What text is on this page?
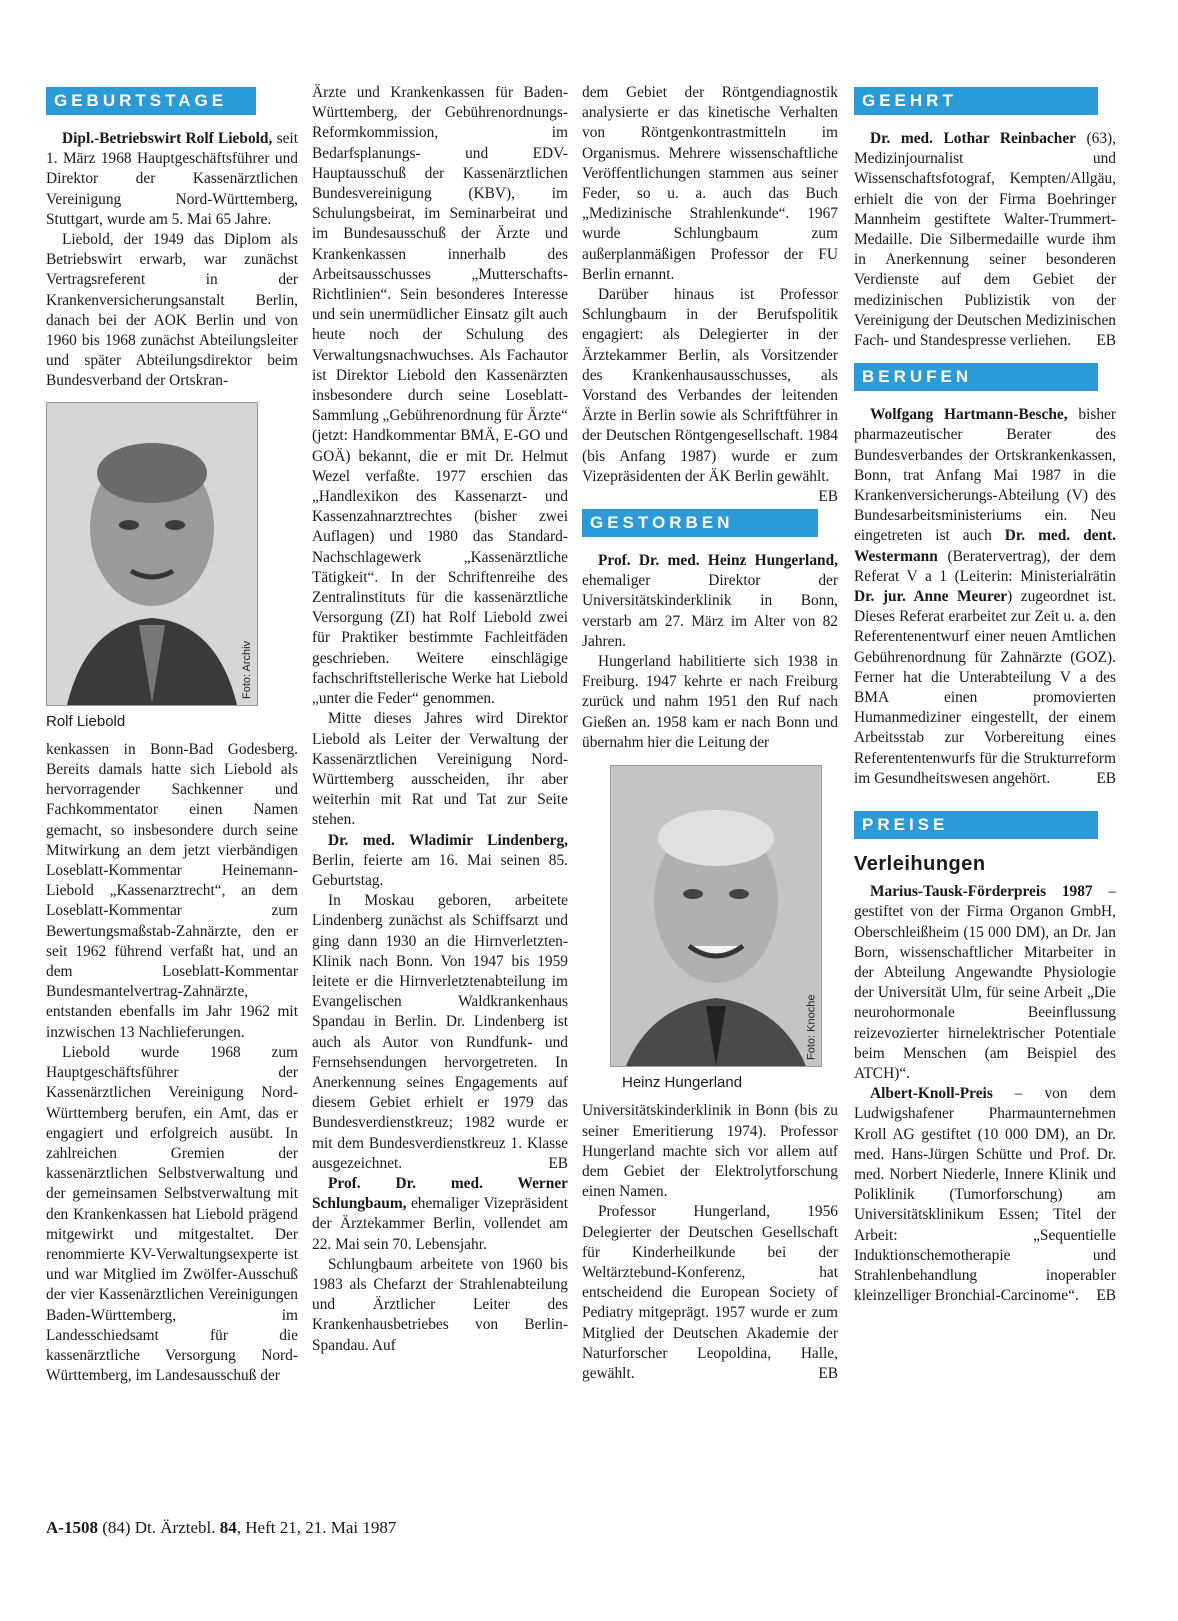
GEBURTSTAGE

Dipl.-Betriebswirt Rolf Liebold, seit 1. März 1968 Hauptgeschäftsführer und Direktor der Kassenärztlichen Vereinigung Nord-Württemberg, Stuttgart, wurde am 5. Mai 65 Jahre.

Liebold, der 1949 das Diplom als Betriebswirt erwarb, war zunächst Vertragsreferent in der Krankenversicherungsanstalt Berlin, danach bei der AOK Berlin und von 1960 bis 1968 zunächst Abteilungsleiter und später Abteilungsdirektor beim Bundesverband der Ortskran-

Foto: Archiv

Rolf Liebold

kenkassen in Bonn-Bad Godesberg. Bereits damals hatte sich Liebold als hervorragender Sachkenner und Fachkommentator einen Namen gemacht, so insbesondere durch seine Mitwirkung an dem jetzt vierbändigen Loseblatt-Kommentar Heinemann-Liebold „Kassenarztrecht“, an dem Loseblatt-Kommentar zum Bewertungsmaßstab-Zahnärzte, den er seit 1962 führend verfaßt hat, und an dem Loseblatt-Kommentar Bundesmantelvertrag-Zahnärzte, entstanden ebenfalls im Jahr 1962 mit inzwischen 13 Nachlieferungen.

Liebold wurde 1968 zum Hauptgeschäftsführer der Kassenärztlichen Vereinigung Nord-Württemberg berufen, ein Amt, das er engagiert und erfolgreich ausübt. In zahlreichen Gremien der kassenärztlichen Selbstverwaltung und der gemeinsamen Selbstverwaltung mit den Krankenkassen hat Liebold prägend mitgewirkt und mitgestaltet. Der renommierte KV-Verwaltungsexperte ist und war Mitglied im Zwölfer-Ausschuß der vier Kassenärztlichen Vereinigungen Baden-Württemberg, im Landesschiedsamt für die kassenärztliche Versorgung Nord-Württemberg, im Landesausschuß der

Ärzte und Krankenkassen für Baden-Württemberg, der Gebührenordnungs-Reformkommission, im Bedarfsplanungs- und EDV-Hauptausschuß der Kassenärztlichen Bundesvereinigung (KBV), im Schulungsbeirat, im Seminarbeirat und im Bundesausschuß der Ärzte und Krankenkassen innerhalb des Arbeitsausschusses „Mutterschafts-Richtlinien“. Sein besonderes Interesse und sein unermüdlicher Einsatz gilt auch heute noch der Schulung des Verwaltungsnachwuchses. Als Fachautor ist Direktor Liebold den Kassenärzten insbesondere durch seine Loseblatt-Sammlung „Gebührenordnung für Ärzte“ (jetzt: Handkommentar BMÄ, E-GO und GOÄ) bekannt, die er mit Dr. Helmut Wezel verfaßte. 1977 erschien das „Handlexikon des Kassenarzt- und Kassenzahnarztrechtes (bisher zwei Auflagen) und 1980 das Standard-Nachschlagewerk „Kassenärztliche Tätigkeit“. In der Schriftenreihe des Zentralinstituts für die kassenärztliche Versorgung (ZI) hat Rolf Liebold zwei für Praktiker bestimmte Fachleitfäden geschrieben. Weitere einschlägige fachschriftstellerische Werke hat Liebold „unter die Feder“ genommen.

Mitte dieses Jahres wird Direktor Liebold als Leiter der Verwaltung der Kassenärztlichen Vereinigung Nord-Württemberg ausscheiden, ihr aber weiterhin mit Rat und Tat zur Seite stehen.

Dr. med. Wladimir Lindenberg, Berlin, feierte am 16. Mai seinen 85. Geburtstag.

In Moskau geboren, arbeitete Lindenberg zunächst als Schiffsarzt und ging dann 1930 an die Hirnverletzten-Klinik nach Bonn. Von 1947 bis 1959 leitete er die Hirnverletztenabteilung im Evangelischen Waldkrankenhaus Spandau in Berlin. Dr. Lindenberg ist auch als Autor von Rundfunk- und Fernsehsendungen hervorgetreten. In Anerkennung seines Engagements auf diesem Gebiet erhielt er 1979 das Bundesverdienstkreuz; 1982 wurde er mit dem Bundesverdienstkreuz 1. Klasse ausgezeichnet.	EB

Prof. Dr. med. Werner Schlungbaum, ehemaliger Vizepräsident der Ärztekammer Berlin, vollendet am 22. Mai sein 70. Lebensjahr.

Schlungbaum arbeitete von 1960 bis 1983 als Chefarzt der Strahlenabteilung und Ärztlicher Leiter des Krankenhausbetriebes von Berlin-Spandau. Auf

dem Gebiet der Röntgendiagnostik analysierte er das kinetische Verhalten von Röntgenkontrastmitteln im Organismus. Mehrere wissenschaftliche Veröffentlichungen stammen aus seiner Feder, so u. a. auch das Buch „Medizinische Strahlenkunde“. 1967 wurde Schlungbaum zum außerplanmäßigen Professor der FU Berlin ernannt.

Darüber hinaus ist Professor Schlungbaum in der Berufspolitik engagiert: als Delegierter in der Ärztekammer Berlin, als Vorsitzender des Krankenhausausschusses, als Vorstand des Verbandes der leitenden Ärzte in Berlin sowie als Schriftführer in der Deutschen Röntgengesellschaft. 1984 (bis Anfang 1987) wurde er zum Vizepräsidenten der ÄK Berlin gewählt.
EB

GESTORBEN

Prof. Dr. med. Heinz Hungerland, ehemaliger Direktor der Universitätskinderklinik in Bonn, verstarb am 27. März im Alter von 82 Jahren.

Hungerland habilitierte sich 1938 in Freiburg. 1947 kehrte er nach Freiburg zurück und nahm 1951 den Ruf nach Gießen an. 1958 kam er nach Bonn und übernahm hier die Leitung der

Foto: Knoche

Heinz Hungerland

Universitätskinderklinik in Bonn (bis zu seiner Emeritierung 1974). Professor Hungerland machte sich vor allem auf dem Gebiet der Elektrolytforschung einen Namen.

Professor Hungerland, 1956 Delegierter der Deutschen Gesellschaft für Kinderheilkunde bei der Weltärztebund-Konferenz, hat entscheidend die European Society of Pediatry mitgeprägt. 1957 wurde er zum Mitglied der Deutschen Akademie der Naturforscher Leopoldina, Halle, gewählt.	EB

GEEHRT

Dr. med. Lothar Reinbacher (63), Medizinjournalist und Wissenschaftsfotograf, Kempten/Allgäu, erhielt die von der Firma Boehringer Mannheim gestiftete Walter-Trummert-Medaille. Die Silbermedaille wurde ihm in Anerkennung seiner besonderen Verdienste auf dem Gebiet der medizinischen Publizistik von der Vereinigung der Deutschen Medizinischen Fach- und Standespresse verliehen.	EB

BERUFEN

Wolfgang Hartmann-Besche, bisher pharmazeutischer Berater des Bundesverbandes der Ortskrankenkassen, Bonn, trat Anfang Mai 1987 in die Krankenversicherungs-Abteilung (V) des Bundesarbeitsministeriums ein. Neu eingetreten ist auch Dr. med. dent. Westermann (Beratervertrag), der dem Referat V a 1 (Leiterin: Ministerialrätin Dr. jur. Anne Meurer) zugeordnet ist. Dieses Referat erarbeitet zur Zeit u. a. den Referentenentwurf einer neuen Amtlichen Gebührenordnung für Zahnärzte (GOZ). Ferner hat die Unterabteilung V a des BMA einen promovierten Humanmediziner eingestellt, der einem Arbeitsstab zur Vorbereitung eines Referententenwurfs für die Strukturreform im Gesundheitswesen angehört.	EB

PREISE
Verleihungen

Marius-Tausk-Förderpreis 1987 – gestiftet von der Firma Organon GmbH, Oberschleißheim (15 000 DM), an Dr. Jan Born, wissenschaftlicher Mitarbeiter in der Abteilung Angewandte Physiologie der Universität Ulm, für seine Arbeit „Die neurohormonale Beeinflussung reizevozierter hirnelektrischer Potentiale beim Menschen (am Beispiel des ATCH)“.

Albert-Knoll-Preis – von dem Ludwigshafener Pharmaunternehmen Kroll AG gestiftet (10 000 DM), an Dr. med. Hans-Jürgen Schütte und Prof. Dr. med. Norbert Niederle, Innere Klinik und Poliklinik (Tumorforschung) am Universitätsklinikum Essen; Titel der Arbeit: „Sequentielle Induktionschemotherapie und Strahlenbehandlung inoperabler kleinzelliger Bronchial-Carcinome“.	EB

A-1508 (84) Dt. Ärztebl. 84, Heft 21, 21. Mai 1987
